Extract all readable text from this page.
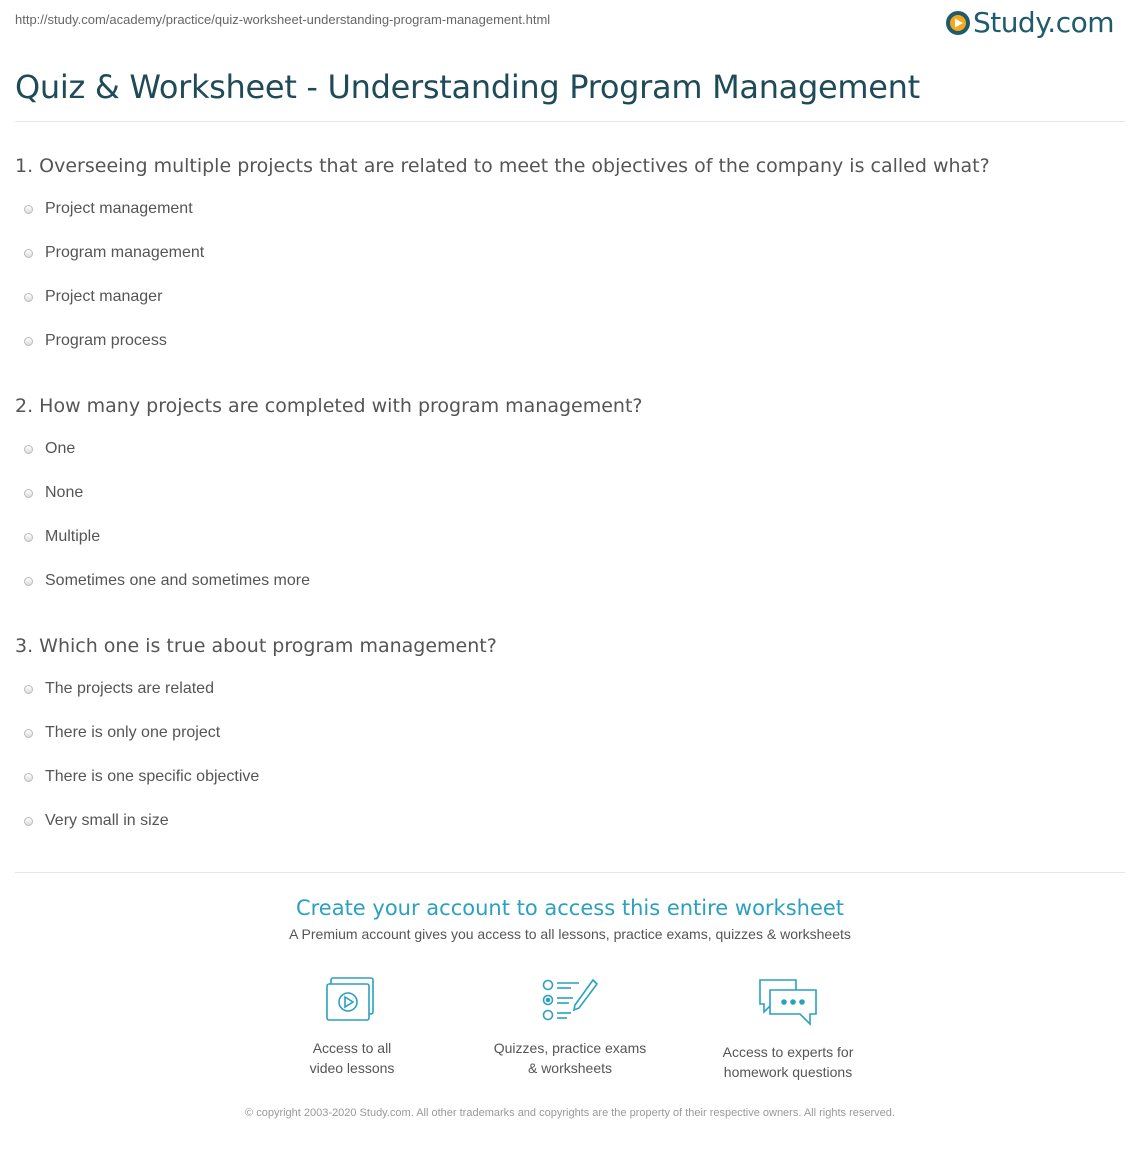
http://study.com/academy/practice/quiz-worksheet-understanding-program-management.html	Study.com
Quiz & Worksheet - Understanding Program Management

1. Overseeing multiple projects that are related to meet the objectives of the company is called what?

Project management
Program management
Project manager
Program process

2. How many projects are completed with program management?

One
None
Multiple
Sometimes one and sometimes more

3. Which one is true about program management?

The projects are related
There is only one project
There is one specific objective
Very small in size
Create your account to access this entire worksheet
A Premium account gives you access to all lessons, practice exams, quizzes & worksheets
Access to all
video lessons
Quizzes, practice exams
& worksheets
Access to experts for
homework questions
© copyright 2003-2020 Study.com. All other trademarks and copyrights are the property of their respective owners. All rights reserved.
